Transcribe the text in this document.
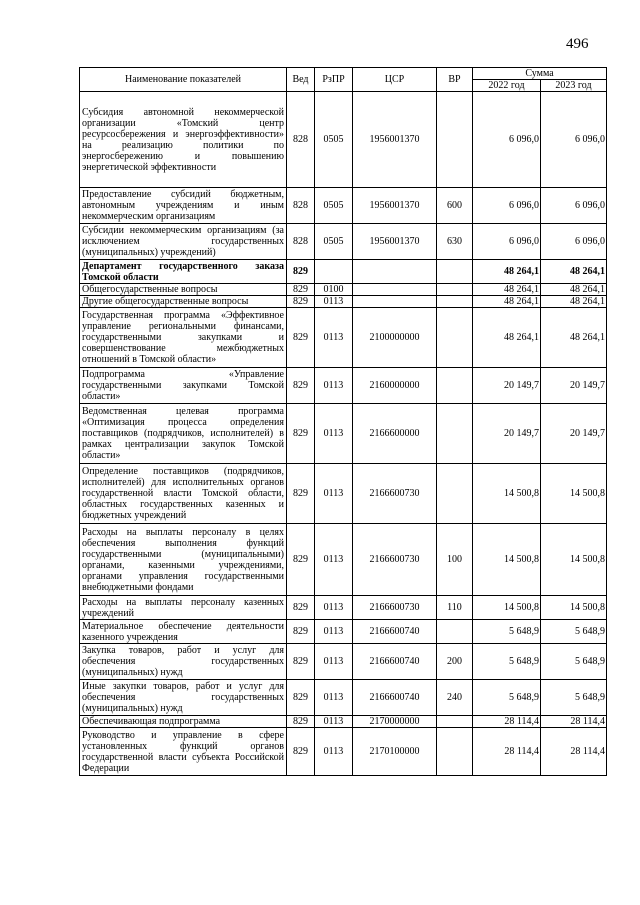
496
Наименование показателей	Вед	РзПР	ЦСР	ВР	Сумма	
					2022 год	2023 год
Субсидия автономной некоммерческой организации «Томский центр ресурсосбережения и энергоэффективности» на реализацию политики по энергосбережению и повышению энергетической эффективности	828	0505	1956001370		6 096,0	6 096,0
Предоставление субсидий бюджетным, автономным учреждениям и иным некоммерческим организациям	828	0505	1956001370	600	6 096,0	6 096,0
Субсидии некоммерческим организациям (за исключением государственных (муниципальных) учреждений)	828	0505	1956001370	630	6 096,0	6 096,0
Департамент государственного заказа Томской области	829				48 264,1	48 264,1
Общегосударственные вопросы	829	0100			48 264,1	48 264,1
Другие общегосударственные вопросы	829	0113			48 264,1	48 264,1
Государственная программа «Эффективное управление региональными финансами, государственными закупками и совершенствование межбюджетных отношений в Томской области»	829	0113	2100000000		48 264,1	48 264,1
Подпрограмма «Управление государственными закупками Томской области»	829	0113	2160000000		20 149,7	20 149,7
Ведомственная целевая программа «Оптимизация процесса определения поставщиков (подрядчиков, исполнителей) в рамках централизации закупок Томской области»	829	0113	2166600000		20 149,7	20 149,7
Определение поставщиков (подрядчиков, исполнителей) для исполнительных органов государственной власти Томской области, областных государственных казенных и бюджетных учреждений	829	0113	2166600730		14 500,8	14 500,8
Расходы на выплаты персоналу в целях обеспечения выполнения функций государственными (муниципальными) органами, казенными учреждениями, органами управления государственными внебюджетными фондами	829	0113	2166600730	100	14 500,8	14 500,8
Расходы на выплаты персоналу казенных учреждений	829	0113	2166600730	110	14 500,8	14 500,8
Материальное обеспечение деятельности казенного учреждения	829	0113	2166600740		5 648,9	5 648,9
Закупка товаров, работ и услуг для обеспечения государственных (муниципальных) нужд	829	0113	2166600740	200	5 648,9	5 648,9
Иные закупки товаров, работ и услуг для обеспечения государственных (муниципальных) нужд	829	0113	2166600740	240	5 648,9	5 648,9
Обеспечивающая подпрограмма	829	0113	2170000000		28 114,4	28 114,4
Руководство и управление в сфере установленных функций органов государственной власти субъекта Российской Федерации	829	0113	2170100000		28 114,4	28 114,4
